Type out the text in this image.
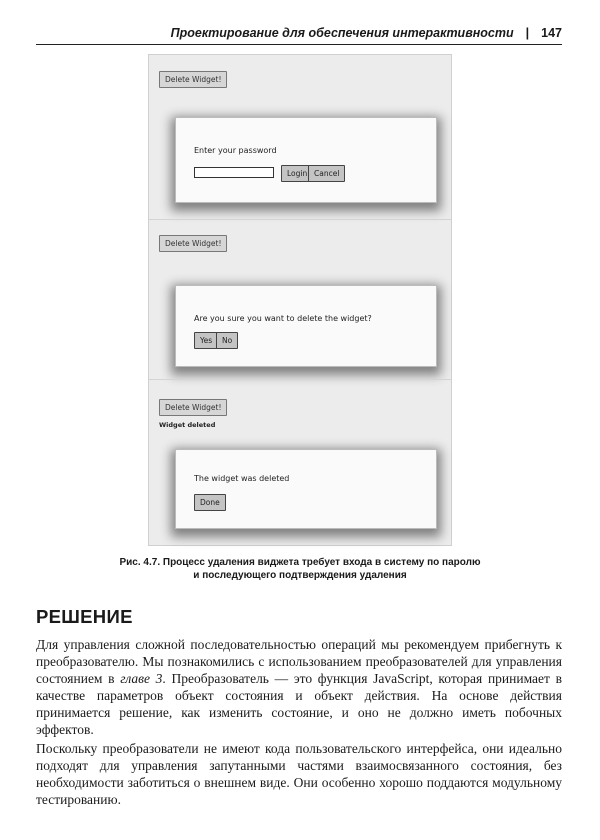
Проектирование для обеспечения интерактивности | 147
Delete Widget!
Enter your password
Login Cancel
Delete Widget!
Are you sure you want to delete the widget?
Yes	No
Delete Widget!
Widget deleted
The widget was deleted
Done
Рис. 4.7. Процесс удаления виджета требует входа в систему по паролю
и последующего подтверждения удаления
РЕШЕНИЕ

Для управления сложной последовательностью операций мы рекомендуем прибегнуть к преобразователю. Мы познакомились с использованием преобразователей для управления состоянием в главе 3. Преобразователь — это функция JavaScript, которая принимает в качестве параметров объект состояния и объект действия. На основе действия принимается решение, как изменить состояние, и оно не должно иметь побочных эффектов.

Поскольку преобразователи не имеют кода пользовательского интерфейса, они идеально подходят для управления запутанными частями взаимосвязанного состояния, без необходимости заботиться о внешнем виде. Они особенно хорошо поддаются модульному тестированию.
